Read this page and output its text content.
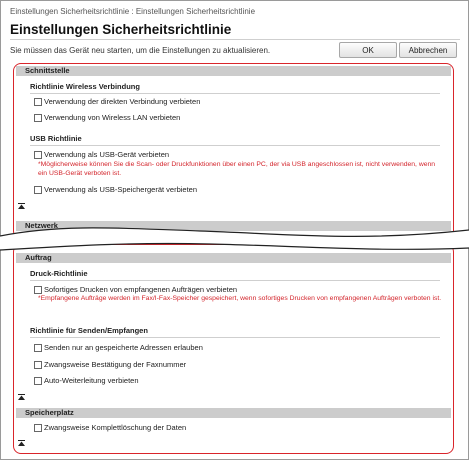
Einstellungen Sicherheitsrichtlinie : Einstellungen Sicherheitsrichtlinie
Einstellungen Sicherheitsrichtlinie
Sie müssen das Gerät neu starten, um die Einstellungen zu aktualisieren.	OK	Abbrechen
Schnittstelle
Richtlinie Wireless Verbindung
Verwendung der direkten Verbindung verbieten
Verwendung von Wireless LAN verbieten
USB Richtlinie
Verwendung als USB-Gerät verbieten
*Möglicherweise können Sie die Scan- oder Druckfunktionen über einen PC, der via USB angeschlossen ist, nicht verwenden, wenn ein USB-Gerät verboten ist.
Verwendung als USB-Speichergerät verbieten
Netzwerk
Auftrag
Druck-Richtlinie
Sofortiges Drucken von empfangenen Aufträgen verbieten
*Empfangene Aufträge werden im Fax/I-Fax-Speicher gespeichert, wenn sofortiges Drucken von empfangenen Aufträgen verboten ist.
Richtlinie für Senden/Empfangen
Senden nur an gespeicherte Adressen erlauben
Zwangsweise Bestätigung der Faxnummer
Auto-Weiterleitung verbieten
Speicherplatz
Zwangsweise Komplettlöschung der Daten
